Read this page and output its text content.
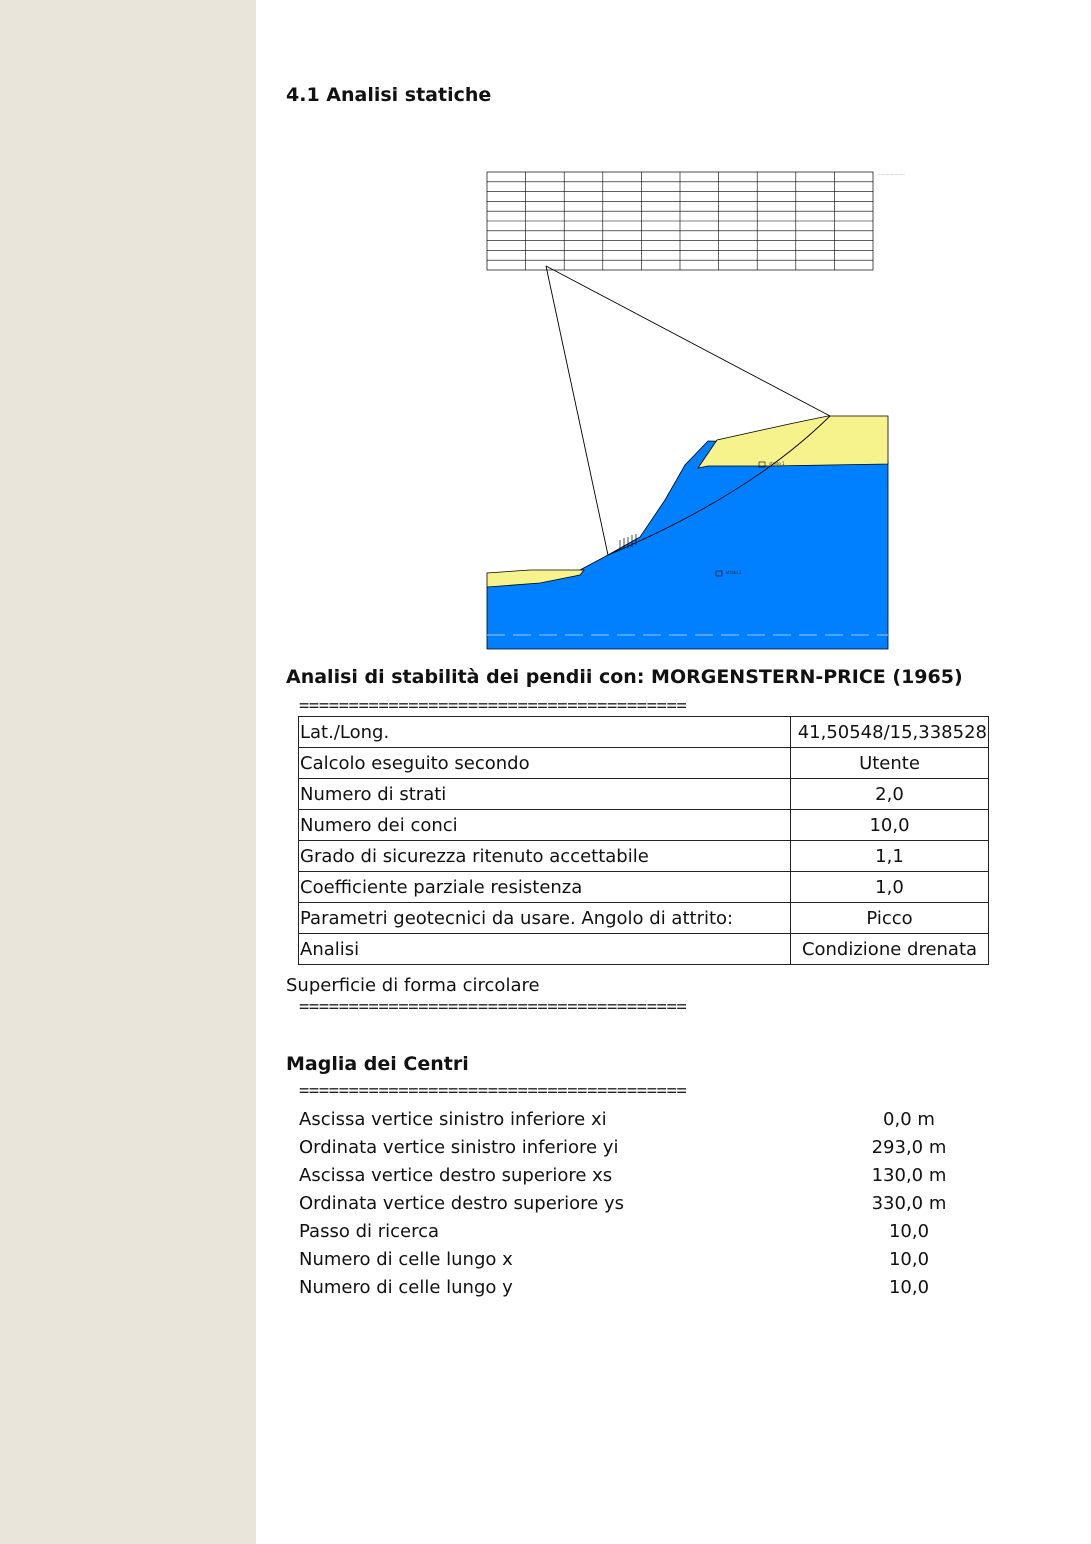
4.1 Analisi statiche
·····················
strato 1
strato 2
Analisi di stabilità dei pendii con: MORGENSTERN-PRICE (1965)
=======================================
Lat./Long.	41,50548/15,338528
Calcolo eseguito secondo	Utente
Numero di strati	2,0
Numero dei conci	10,0
Grado di sicurezza ritenuto accettabile	1,1
Coefficiente parziale resistenza	1,0
Parametri geotecnici da usare. Angolo di attrito:	Picco
Analisi	Condizione drenata
Superficie di forma circolare
=======================================
Maglia dei Centri
=======================================
Ascissa vertice sinistro inferiore xi	0,0 m
Ordinata vertice sinistro inferiore yi	293,0 m
Ascissa vertice destro superiore xs	130,0 m
Ordinata vertice destro superiore ys	330,0 m
Passo di ricerca	10,0
Numero di celle lungo x	10,0
Numero di celle lungo y	10,0
